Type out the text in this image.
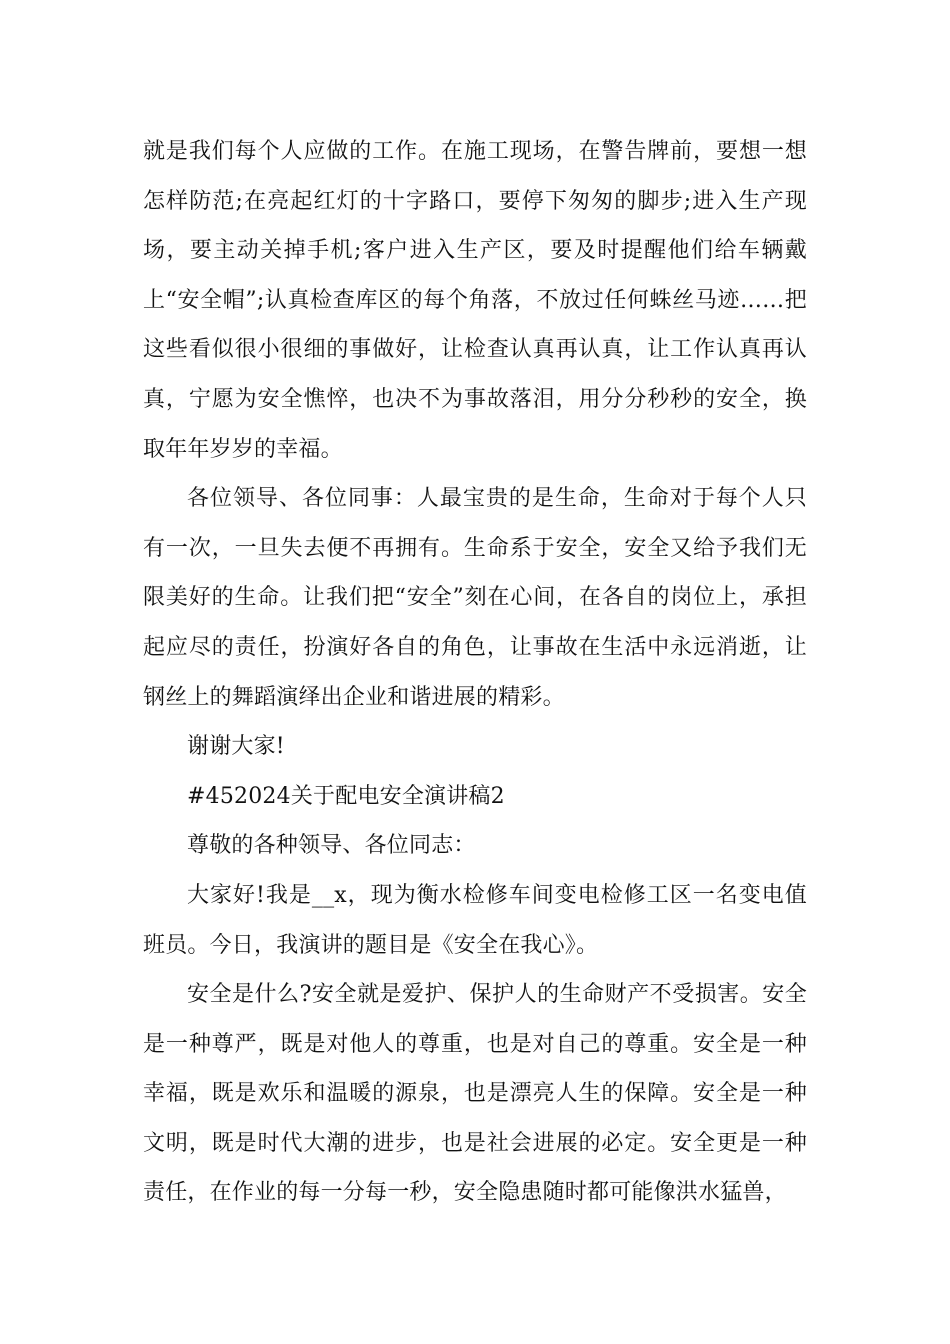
就是我们每个人应做的工作。在施工现场，在警告牌前，要想一想怎样防范;在亮起红灯的十字路口，要停下匆匆的脚步;进入生产现场，要主动关掉手机;客户进入生产区，要及时提醒他们给车辆戴上“安全帽”;认真检查库区的每个角落，不放过任何蛛丝马迹……把这些看似很小很细的事做好，让检查认真再认真，让工作认真再认真，宁愿为安全憔悴，也决不为事故落泪，用分分秒秒的安全，换取年年岁岁的幸福。

各位领导、各位同事：人最宝贵的是生命，生命对于每个人只有一次，一旦失去便不再拥有。生命系于安全，安全又给予我们无限美好的生命。让我们把“安全”刻在心间，在各自的岗位上，承担起应尽的责任，扮演好各自的角色，让事故在生活中永远消逝，让钢丝上的舞蹈演绎出企业和谐进展的精彩。

谢谢大家!

#452024关于配电安全演讲稿2

尊敬的各种领导、各位同志：

大家好!我是__x，现为衡水检修车间变电检修工区一名变电值班员。今日，我演讲的题目是《安全在我心》。

安全是什么?安全就是爱护、保护人的生命财产不受损害。安全是一种尊严，既是对他人的尊重，也是对自己的尊重。安全是一种幸福，既是欢乐和温暖的源泉，也是漂亮人生的保障。安全是一种文明，既是时代大潮的进步，也是社会进展的必定。安全更是一种责任，在作业的每一分每一秒，安全隐患随时都可能像洪水猛兽，
